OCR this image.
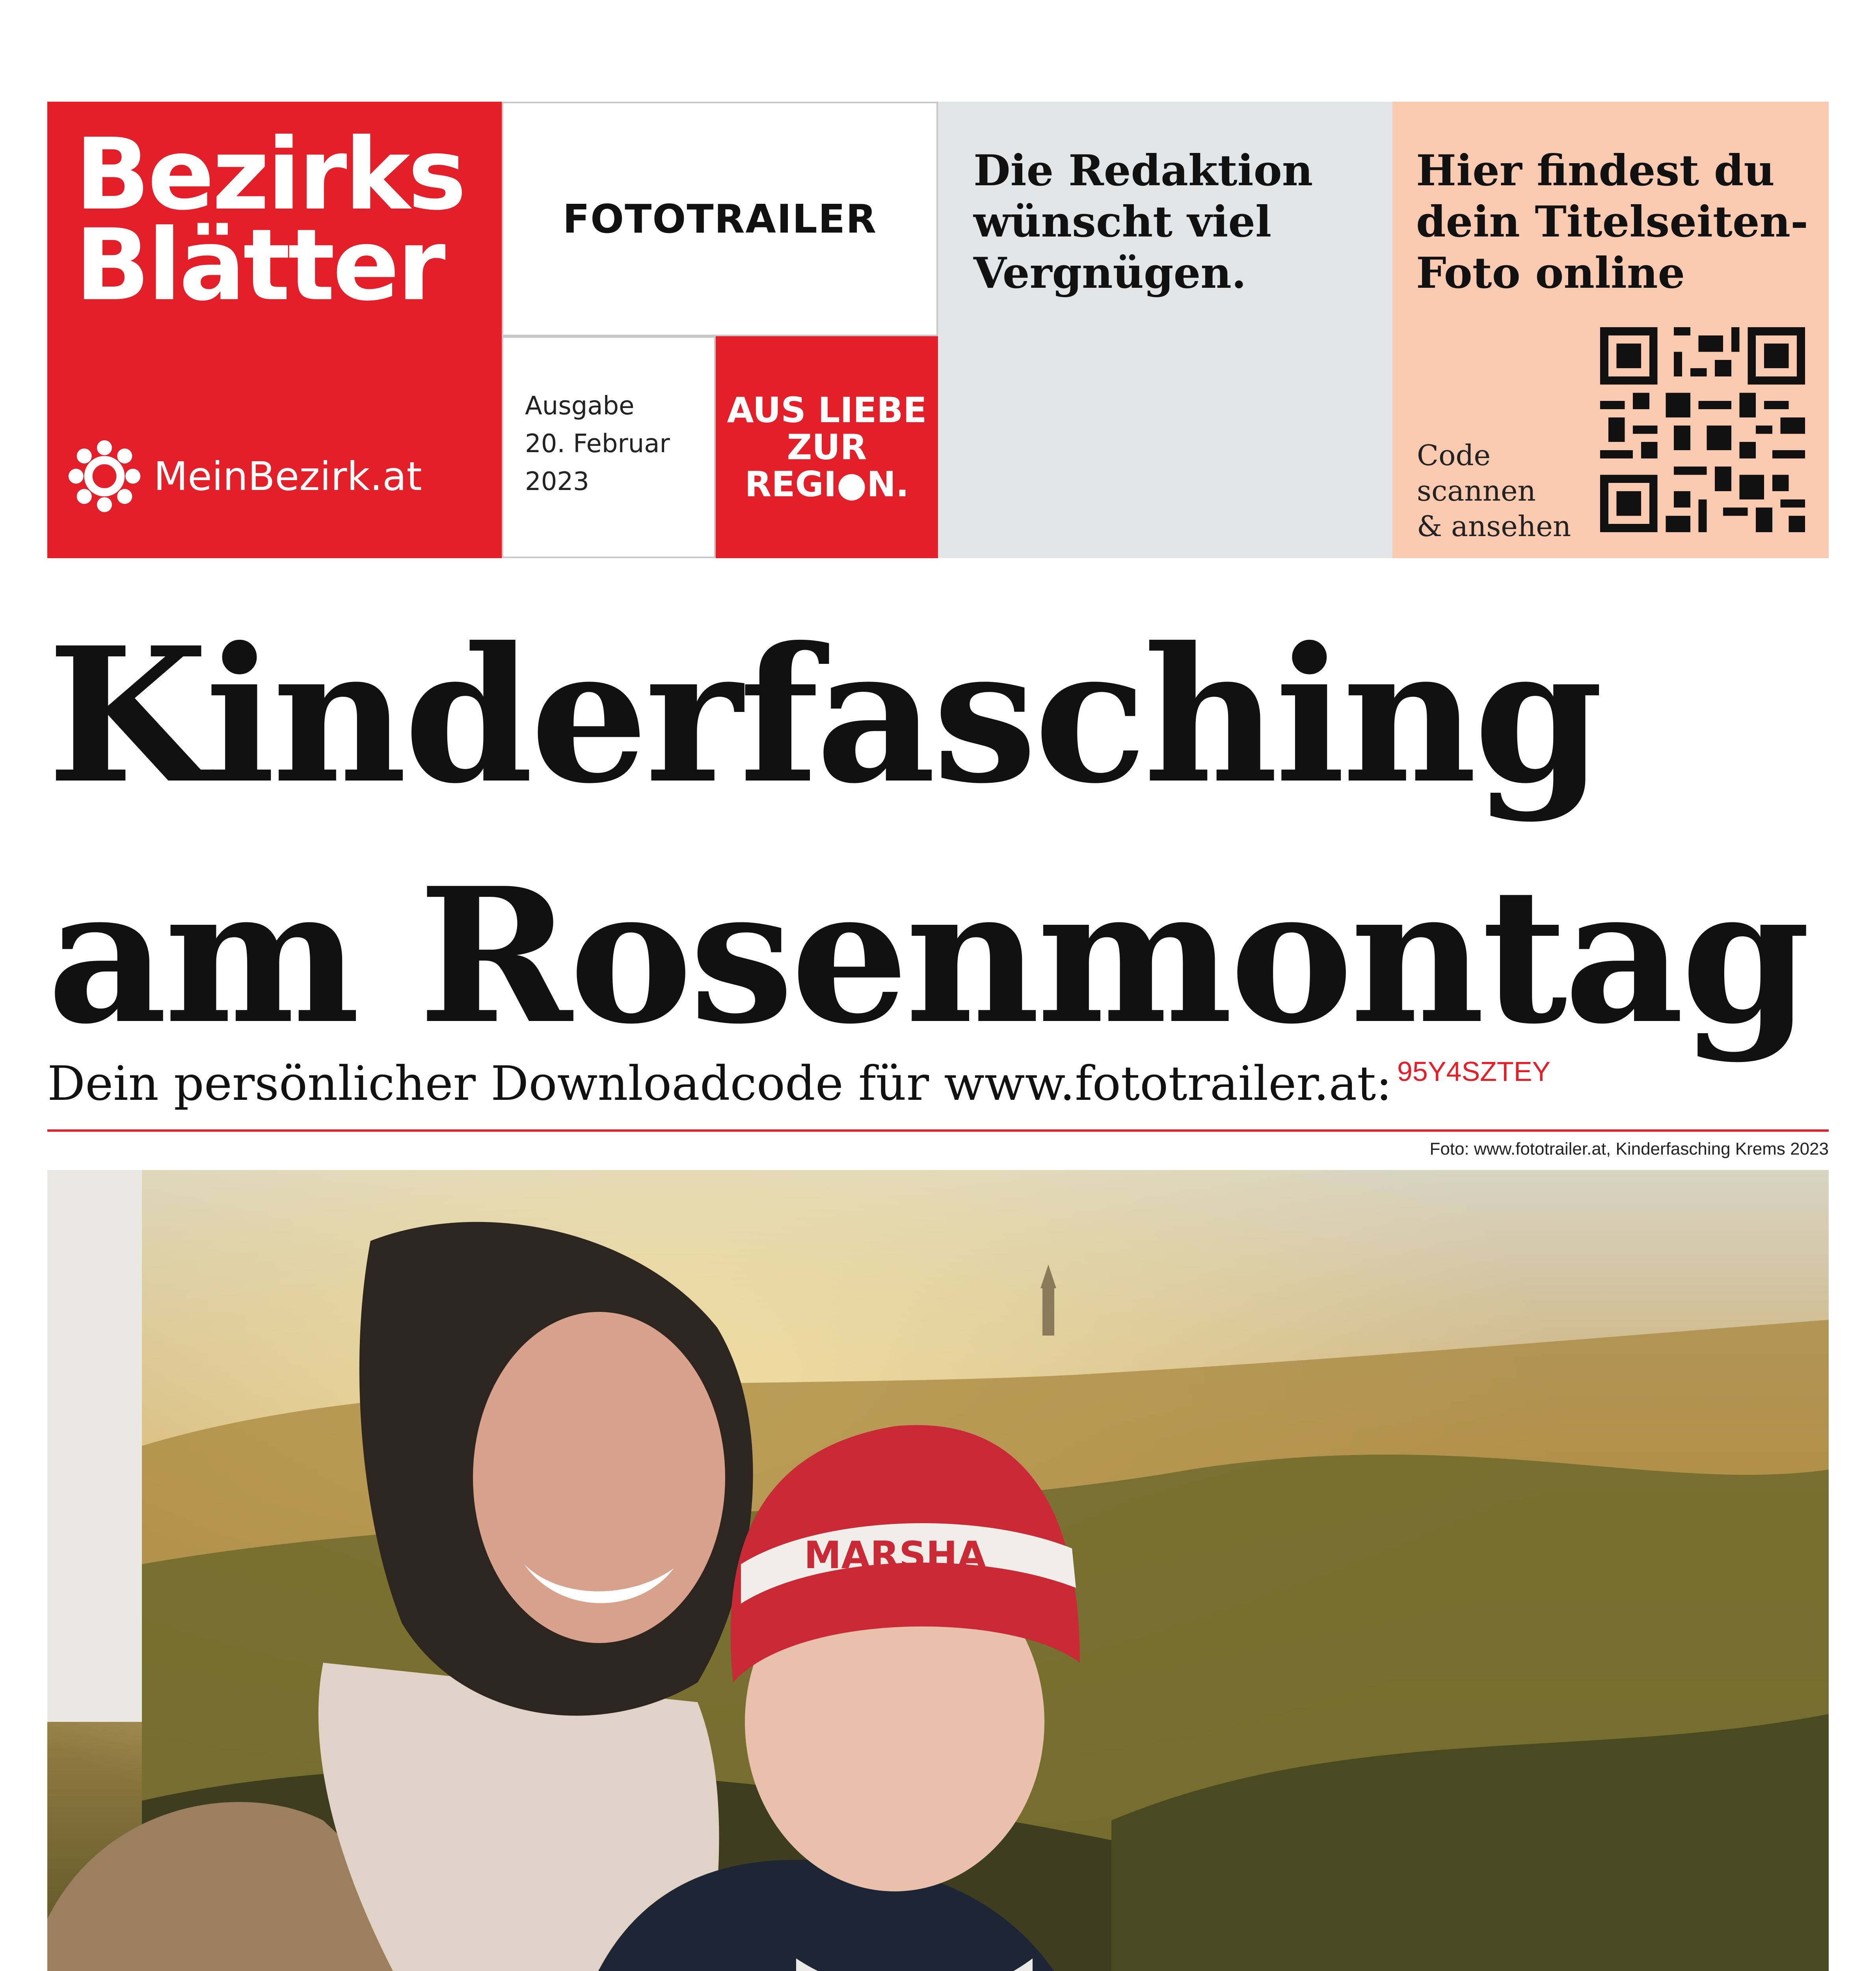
Bezirks
Blätter
MeinBezirk.at
FOTOTRAILER
Ausgabe
20. Februar
2023
AUS LIEBE
ZUR
REGI●N.
Die Redaktion
wünscht viel
Vergnügen.
Hier findest du
dein Titelseiten-
Foto online
Code
scannen
& ansehen
Kinderfasching
am Rosenmontag
Dein persönlicher Downloadcode für www.fototrailer.at: 95Y4SZTEY
Foto: www.fototrailer.at, Kinderfasching Krems 2023
MARSHA
